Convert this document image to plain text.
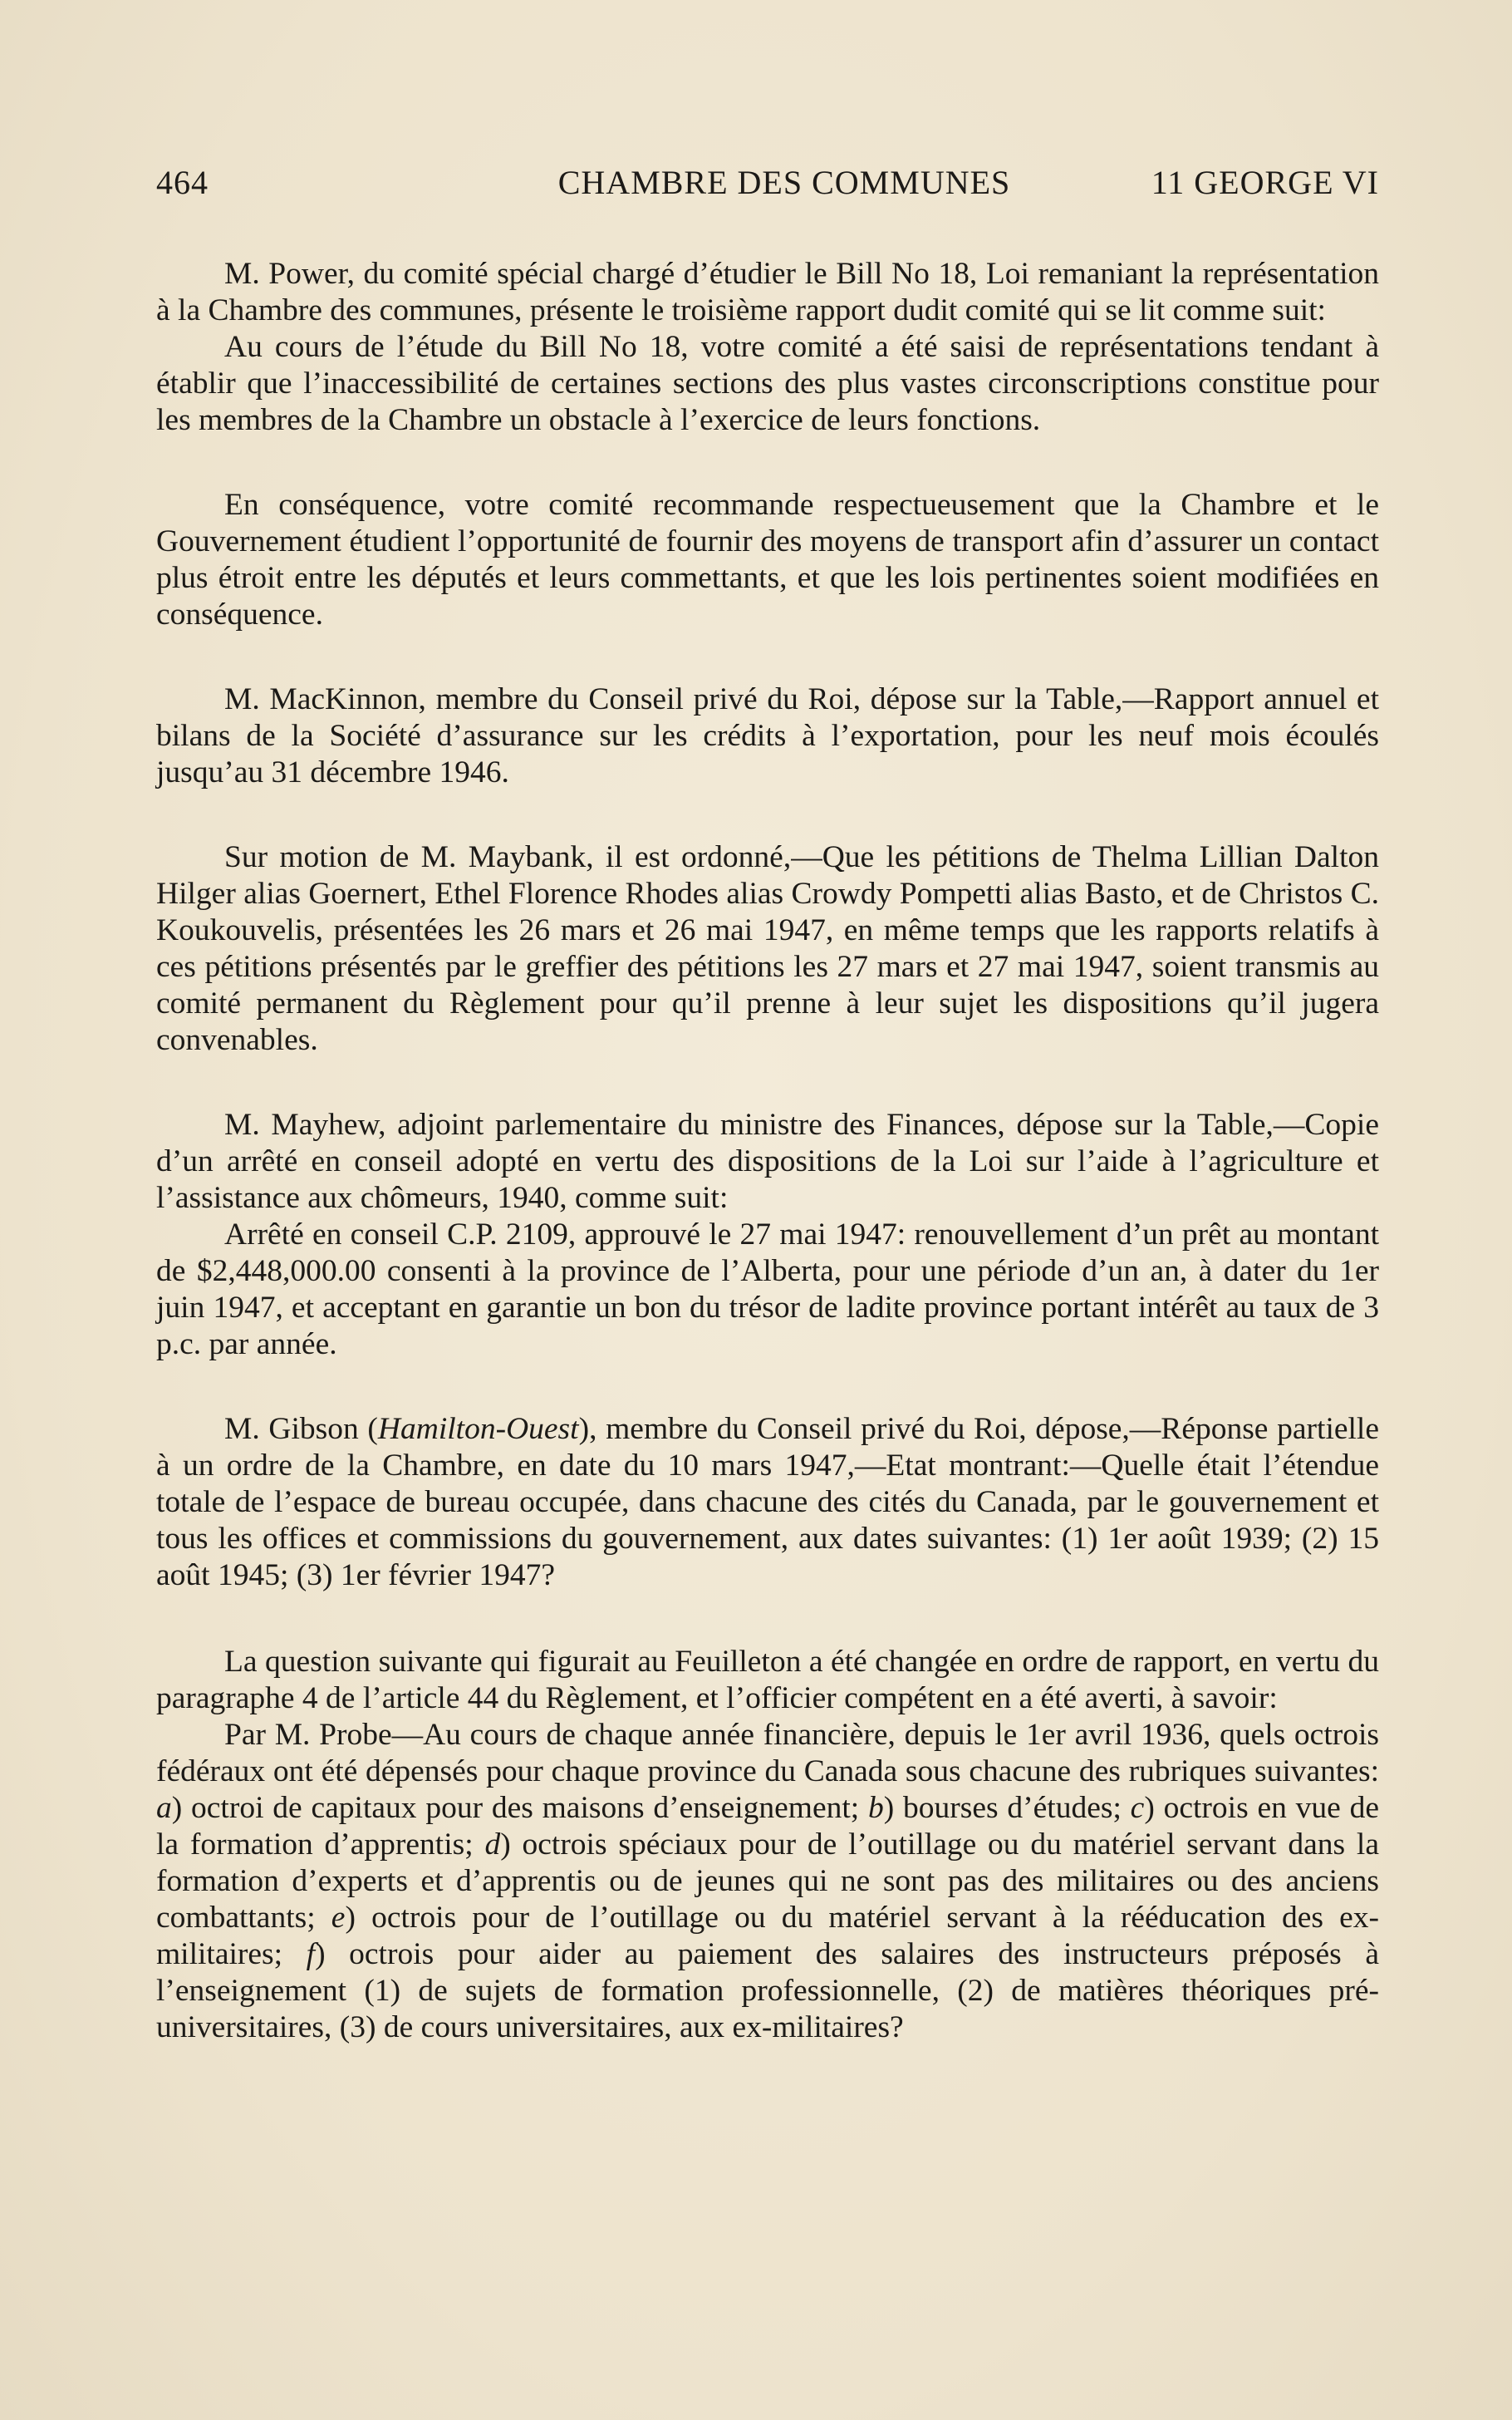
464	CHAMBRE DES COMMUNES	11 GEORGE VI

M. Power, du comité spécial chargé d’étudier le Bill No 18, Loi remaniant la représentation à la Chambre des communes, présente le troisième rapport dudit comité qui se lit comme suit:

Au cours de l’étude du Bill No 18, votre comité a été saisi de représentations tendant à établir que l’inaccessibilité de certaines sections des plus vastes circonscriptions constitue pour les membres de la Chambre un obstacle à l’exercice de leurs fonctions.

En conséquence, votre comité recommande respectueusement que la Chambre et le Gouvernement étudient l’opportunité de fournir des moyens de transport afin d’assurer un contact plus étroit entre les députés et leurs commettants, et que les lois pertinentes soient modifiées en conséquence.

M. MacKinnon, membre du Conseil privé du Roi, dépose sur la Table,—Rapport annuel et bilans de la Société d’assurance sur les crédits à l’exportation, pour les neuf mois écoulés jusqu’au 31 décembre 1946.

Sur motion de M. Maybank, il est ordonné,—Que les pétitions de Thelma Lillian Dalton Hilger alias Goernert, Ethel Florence Rhodes alias Crowdy Pompetti alias Basto, et de Christos C. Koukouvelis, présentées les 26 mars et 26 mai 1947, en même temps que les rapports relatifs à ces pétitions présentés par le greffier des pétitions les 27 mars et 27 mai 1947, soient transmis au comité permanent du Règlement pour qu’il prenne à leur sujet les dispositions qu’il jugera convenables.

M. Mayhew, adjoint parlementaire du ministre des Finances, dépose sur la Table,—Copie d’un arrêté en conseil adopté en vertu des dispositions de la Loi sur l’aide à l’agriculture et l’assistance aux chômeurs, 1940, comme suit:

Arrêté en conseil C.P. 2109, approuvé le 27 mai 1947: renouvellement d’un prêt au montant de $2,448,000.00 consenti à la province de l’Alberta, pour une période d’un an, à dater du 1er juin 1947, et acceptant en garantie un bon du trésor de ladite province portant intérêt au taux de 3 p.c. par année.

M. Gibson (Hamilton-Ouest), membre du Conseil privé du Roi, dépose,—Réponse partielle à un ordre de la Chambre, en date du 10 mars 1947,—Etat montrant:—Quelle était l’étendue totale de l’espace de bureau occupée, dans chacune des cités du Canada, par le gouvernement et tous les offices et commissions du gouvernement, aux dates suivantes: (1) 1er août 1939; (2) 15 août 1945; (3) 1er février 1947?

La question suivante qui figurait au Feuilleton a été changée en ordre de rapport, en vertu du paragraphe 4 de l’article 44 du Règlement, et l’officier compétent en a été averti, à savoir:

Par M. Probe—Au cours de chaque année financière, depuis le 1er avril 1936, quels octrois fédéraux ont été dépensés pour chaque province du Canada sous chacune des rubriques suivantes: a) octroi de capitaux pour des maisons d’enseignement; b) bourses d’études; c) octrois en vue de la formation d’apprentis; d) octrois spéciaux pour de l’outillage ou du matériel servant dans la formation d’experts et d’apprentis ou de jeunes qui ne sont pas des militaires ou des anciens combattants; e) octrois pour de l’outillage ou du matériel servant à la rééducation des ex-militaires; f) octrois pour aider au paiement des salaires des instructeurs préposés à l’enseignement (1) de sujets de formation professionnelle, (2) de matières théoriques pré-universitaires, (3) de cours universitaires, aux ex-militaires?
